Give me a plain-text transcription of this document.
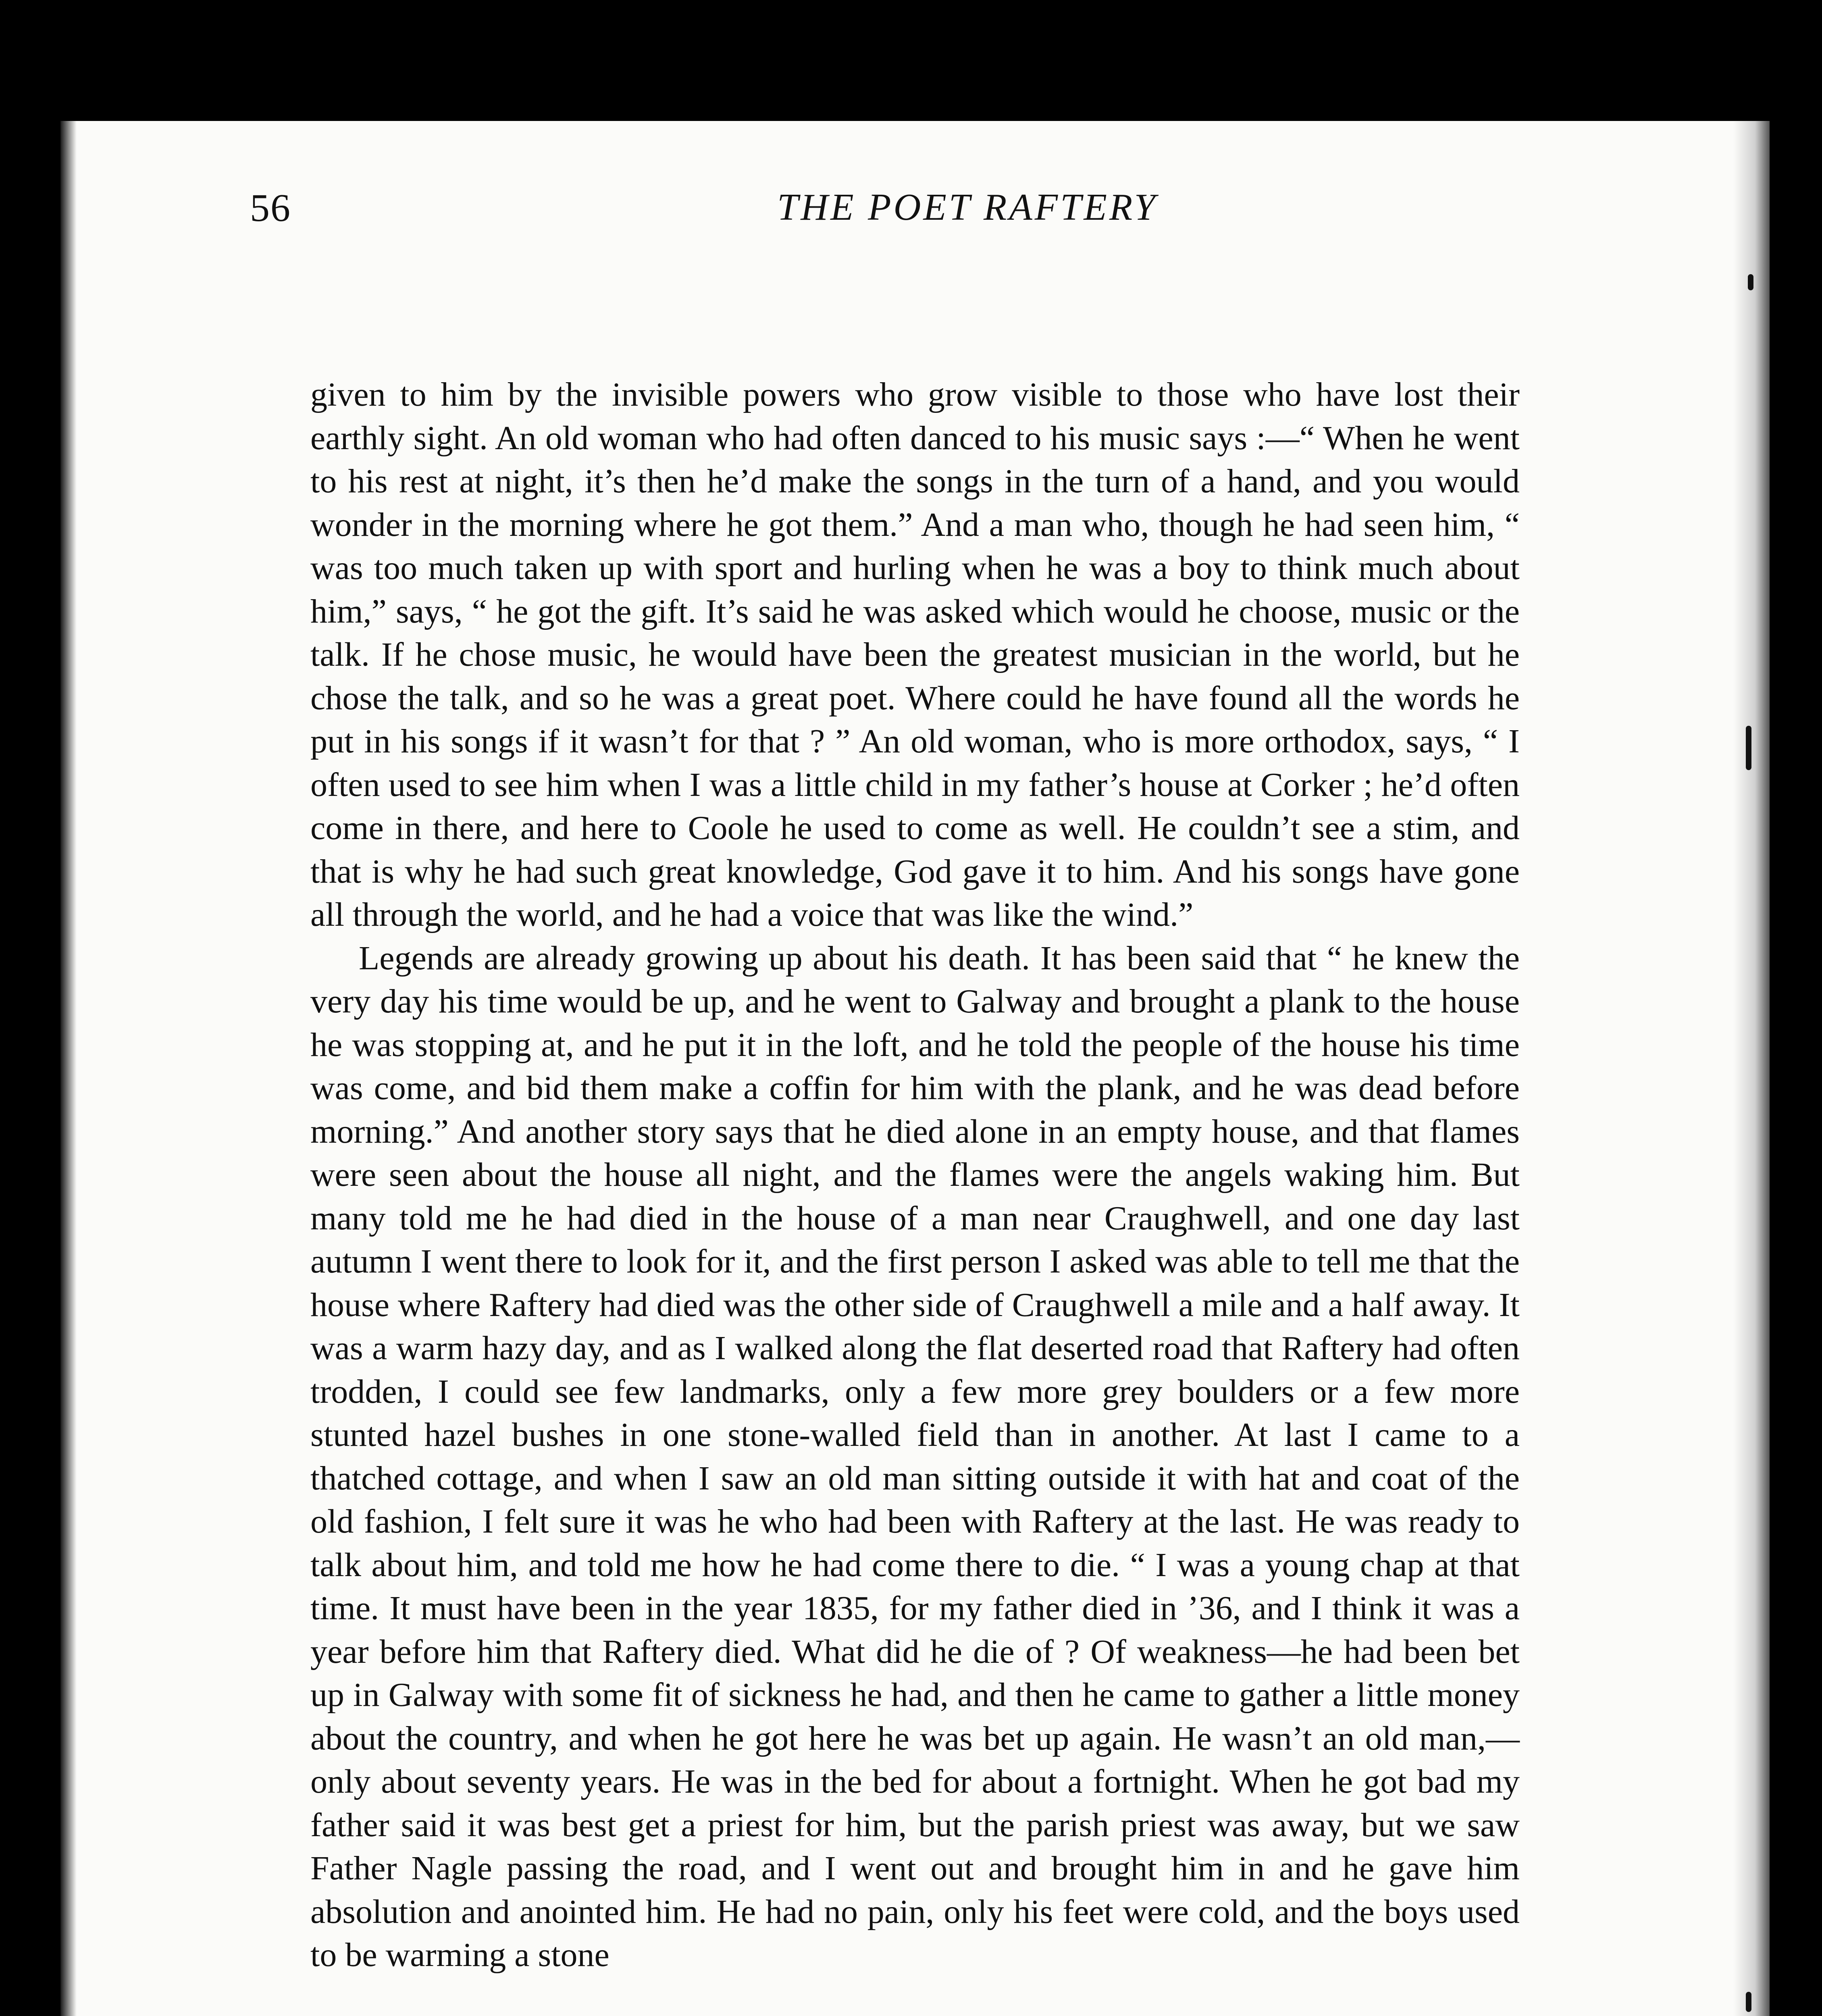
56	THE POET RAFTERY

given to him by the invisible powers who grow visible to those who have lost their earthly sight. An old woman who had often danced to his music says :—“ When he went to his rest at night, it’s then he’d make the songs in the turn of a hand, and you would wonder in the morning where he got them.” And a man who, though he had seen him, “ was too much taken up with sport and hurling when he was a boy to think much about him,” says, “ he got the gift. It’s said he was asked which would he choose, music or the talk. If he chose music, he would have been the greatest musician in the world, but he chose the talk, and so he was a great poet. Where could he have found all the words he put in his songs if it wasn’t for that ? ” An old woman, who is more orthodox, says, “ I often used to see him when I was a little child in my father’s house at Corker ; he’d often come in there, and here to Coole he used to come as well. He couldn’t see a stim, and that is why he had such great knowledge, God gave it to him. And his songs have gone all through the world, and he had a voice that was like the wind.”

Legends are already growing up about his death. It has been said that “ he knew the very day his time would be up, and he went to Galway and brought a plank to the house he was stopping at, and he put it in the loft, and he told the people of the house his time was come, and bid them make a coffin for him with the plank, and he was dead before morning.” And another story says that he died alone in an empty house, and that flames were seen about the house all night, and the flames were the angels waking him. But many told me he had died in the house of a man near Craughwell, and one day last autumn I went there to look for it, and the first person I asked was able to tell me that the house where Raftery had died was the other side of Craughwell a mile and a half away. It was a warm hazy day, and as I walked along the flat deserted road that Raftery had often trodden, I could see few landmarks, only a few more grey boulders or a few more stunted hazel bushes in one stone-walled field than in another. At last I came to a thatched cottage, and when I saw an old man sitting outside it with hat and coat of the old fashion, I felt sure it was he who had been with Raftery at the last. He was ready to talk about him, and told me how he had come there to die. “ I was a young chap at that time. It must have been in the year 1835, for my father died in ’36, and I think it was a year before him that Raftery died. What did he die of ? Of weakness—he had been bet up in Galway with some fit of sickness he had, and then he came to gather a little money about the country, and when he got here he was bet up again. He wasn’t an old man,—only about seventy years. He was in the bed for about a fortnight. When he got bad my father said it was best get a priest for him, but the parish priest was away, but we saw Father Nagle passing the road, and I went out and brought him in and he gave him absolution and anointed him. He had no pain, only his feet were cold, and the boys used to be warming a stone
